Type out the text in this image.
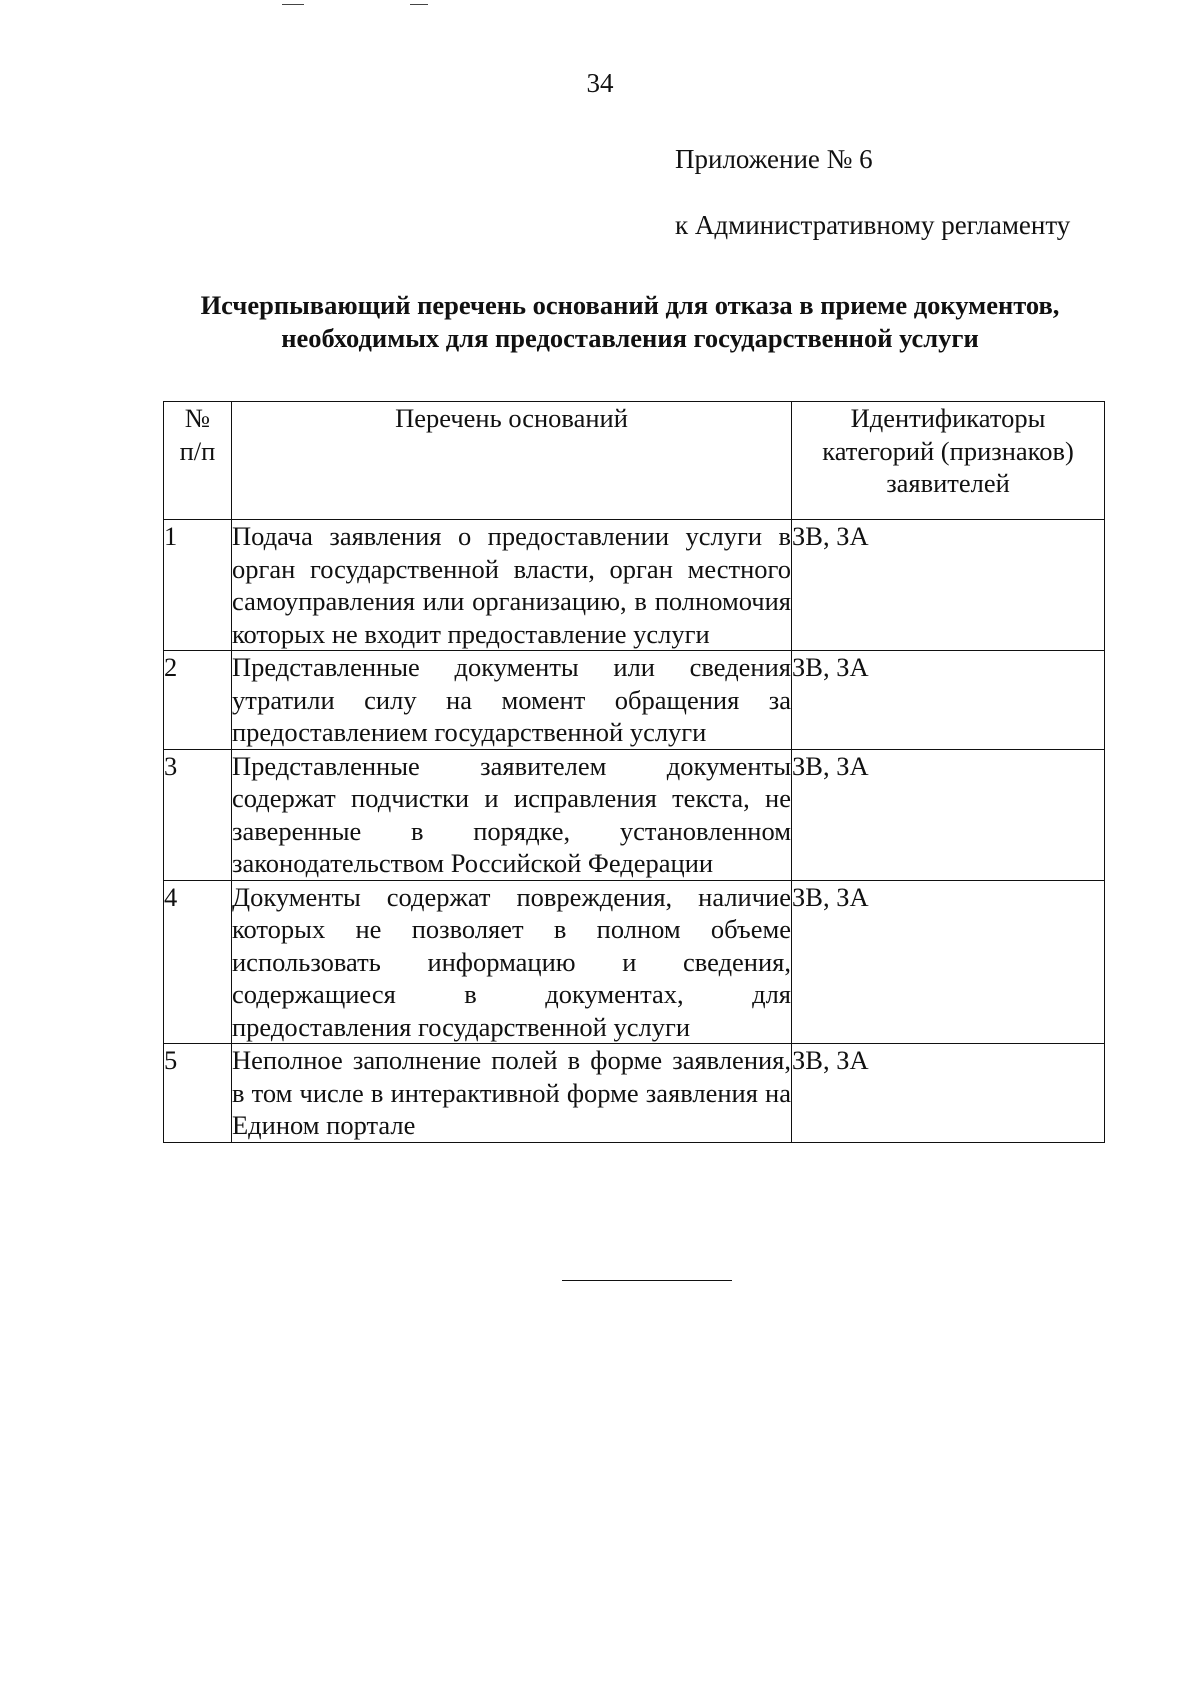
34
Приложение № 6
к Административному регламенту
Исчерпывающий перечень оснований для отказа в приеме документов, необходимых для предоставления государственной услуги
№ п/п	Перечень оснований	Идентификаторы категорий (признаков) заявителей

1	Подача заявления о предоставлении услуги в орган государственной власти, орган местного самоуправления или организацию, в полномочия которых не входит предоставление услуги	ЗВ, ЗА
2	Представленные документы или сведения утратили силу на момент обращения за предоставлением государственной услуги	ЗВ, ЗА
3	Представленные заявителем документы содержат подчистки и исправления текста, не заверенные в порядке, установленном законодательством Российской Федерации	ЗВ, ЗА
4	Документы содержат повреждения, наличие которых не позволяет в полном объеме использовать информацию и сведения, содержащиеся в документах, для предоставления государственной услуги	ЗВ, ЗА
5	Неполное заполнение полей в форме заявления, в том числе в интерактивной форме заявления на Едином портале	ЗВ, ЗА
